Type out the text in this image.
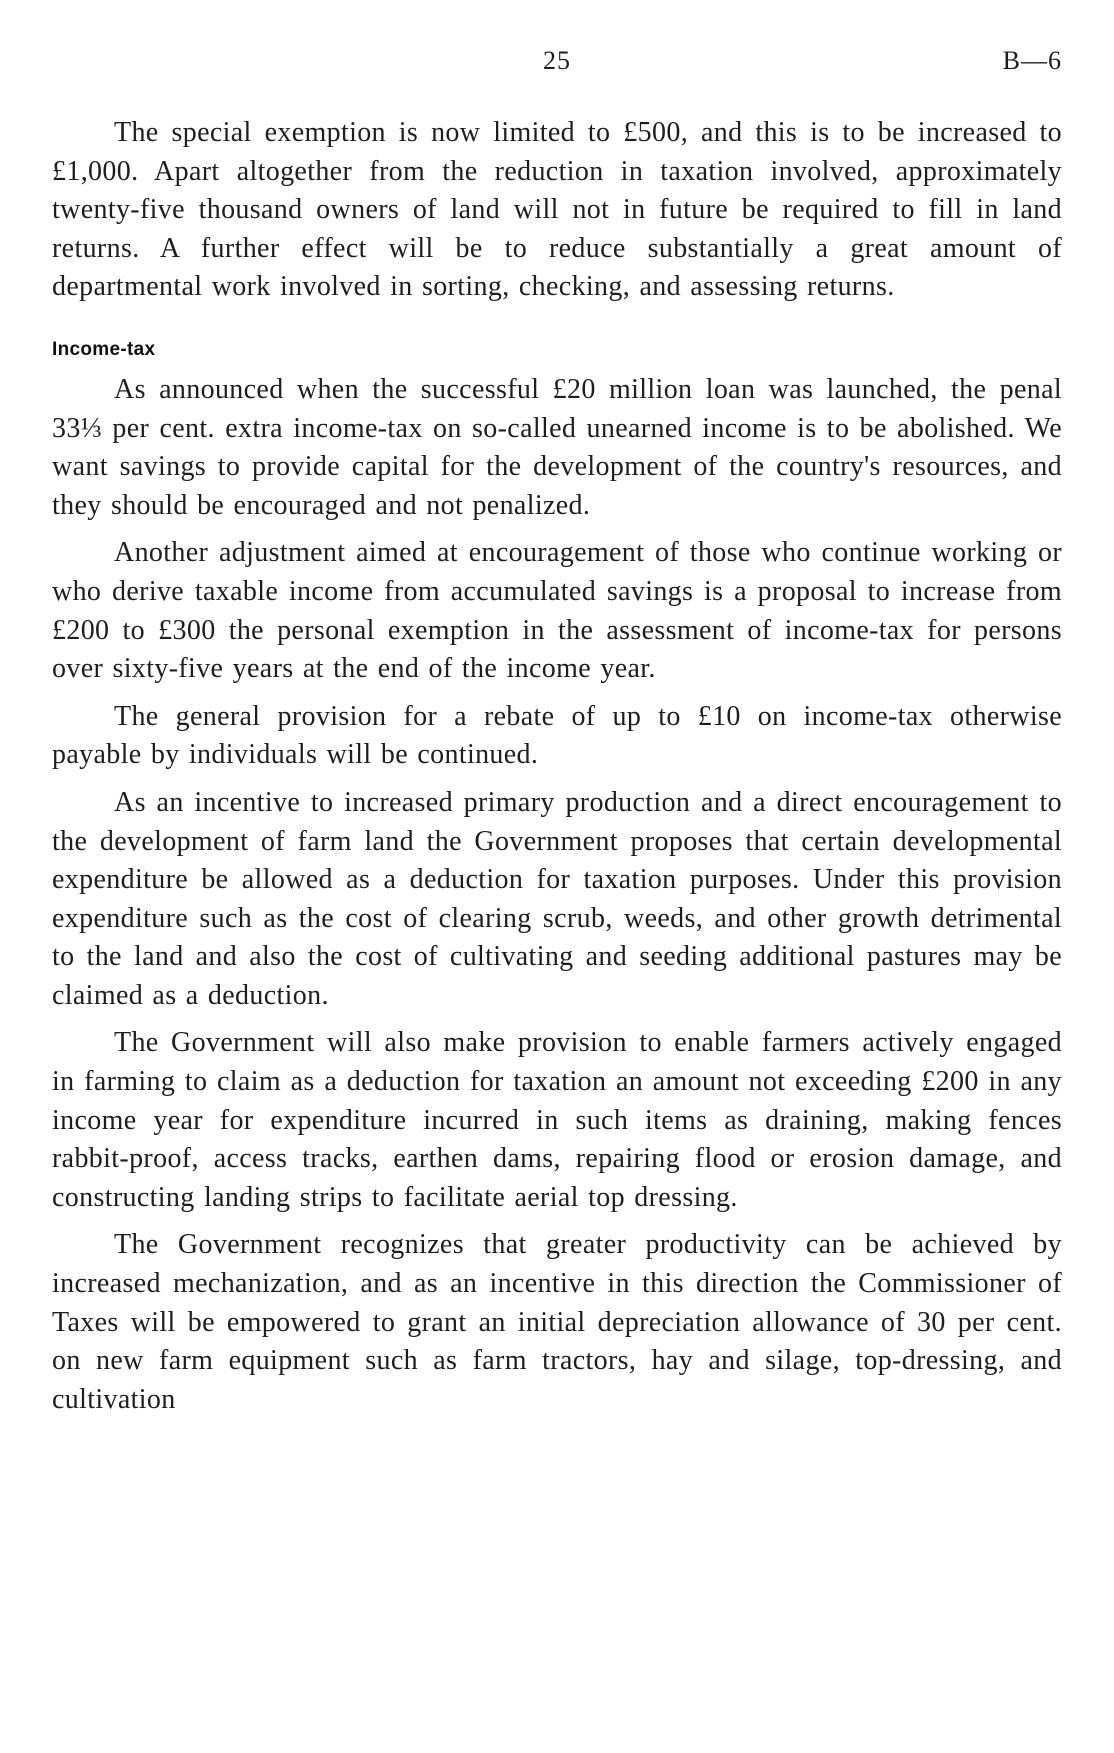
25	B—6

The special exemption is now limited to £500, and this is to be increased to £1,000. Apart altogether from the reduction in taxation involved, approximately twenty-five thousand owners of land will not in future be required to fill in land returns. A further effect will be to reduce substantially a great amount of departmental work involved in sorting, checking, and assessing returns.

Income-tax

As announced when the successful £20 million loan was launched, the penal 33⅓ per cent. extra income-tax on so-called unearned income is to be abolished. We want savings to provide capital for the development of the country's resources, and they should be encouraged and not penalized.

Another adjustment aimed at encouragement of those who continue working or who derive taxable income from accumulated savings is a proposal to increase from £200 to £300 the personal exemption in the assessment of income-tax for persons over sixty-five years at the end of the income year.

The general provision for a rebate of up to £10 on income-tax otherwise payable by individuals will be continued.

As an incentive to increased primary production and a direct encouragement to the development of farm land the Government proposes that certain developmental expenditure be allowed as a deduction for taxation purposes. Under this provision expenditure such as the cost of clearing scrub, weeds, and other growth detrimental to the land and also the cost of cultivating and seeding additional pastures may be claimed as a deduction.

The Government will also make provision to enable farmers actively engaged in farming to claim as a deduction for taxation an amount not exceeding £200 in any income year for expenditure incurred in such items as draining, making fences rabbit-proof, access tracks, earthen dams, repairing flood or erosion damage, and constructing landing strips to facilitate aerial top dressing.

The Government recognizes that greater productivity can be achieved by increased mechanization, and as an incentive in this direction the Commissioner of Taxes will be empowered to grant an initial depreciation allowance of 30 per cent. on new farm equipment such as farm tractors, hay and silage, top-dressing, and cultivation
